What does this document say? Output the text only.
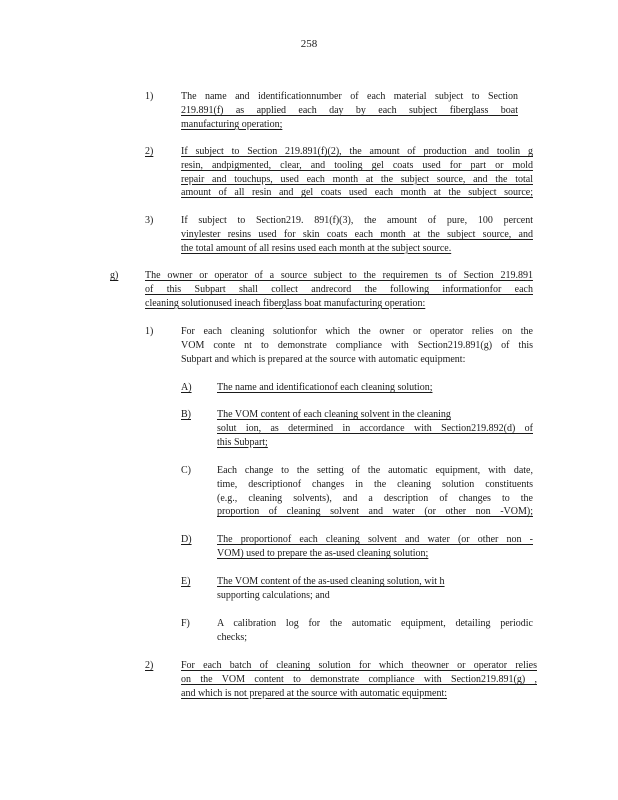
258
1)	The name and identificationnumber of each material subject to Section
219.891(f) as applied each day by each subject fiberglass boat
manufacturing operation;
2)	If subject to Section 219.891(f)(2), the amount of production and toolin g
resin, andpigmented, clear, and tooling gel coats used for part or mold
repair and touchups, used each month at the subject source, and the total
amount of all resin and gel coats used each month at the subject source;
3)	If subject to Section219. 891(f)(3), the amount of pure, 100 percent
vinylester resins used for skin coats each month at the subject source, and
the total amount of all resins used each month at the subject source.
g)	The owner or operator of a source subject to the requiremen ts of Section 219.891
of this Subpart shall collect andrecord the following informationfor each
cleaning solutionused ineach fiberglass boat manufacturing operation:
1)	For each cleaning solutionfor which the owner or operator relies on the
VOM conte nt to demonstrate compliance with Section219.891(g) of this
Subpart and which is prepared at the source with automatic equipment:
A)	The name and identificationof each cleaning solution;
B)	The VOM content of each cleaning solvent in the cleaning
solut ion, as determined in accordance with Section219.892(d) of
this Subpart;
C)	Each change to the setting of the automatic equipment, with date,
time, descriptionof changes in the cleaning solution constituents
(e.g., cleaning solvents), and a description of changes to the
proportion of cleaning solvent and water (or other non -VOM);
D)	The proportionof each cleaning solvent and water (or other non -
VOM) used to prepare the as-used cleaning solution;
E)	The VOM content of the as-used cleaning solution, wit h
supporting calculations; and
F)	A calibration log for the automatic equipment, detailing periodic
checks;
2)	For each batch of cleaning solution for which theowner or operator relies
on the VOM content to demonstrate compliance with Section219.891(g) ,
and which is not prepared at the source with automatic equipment:
